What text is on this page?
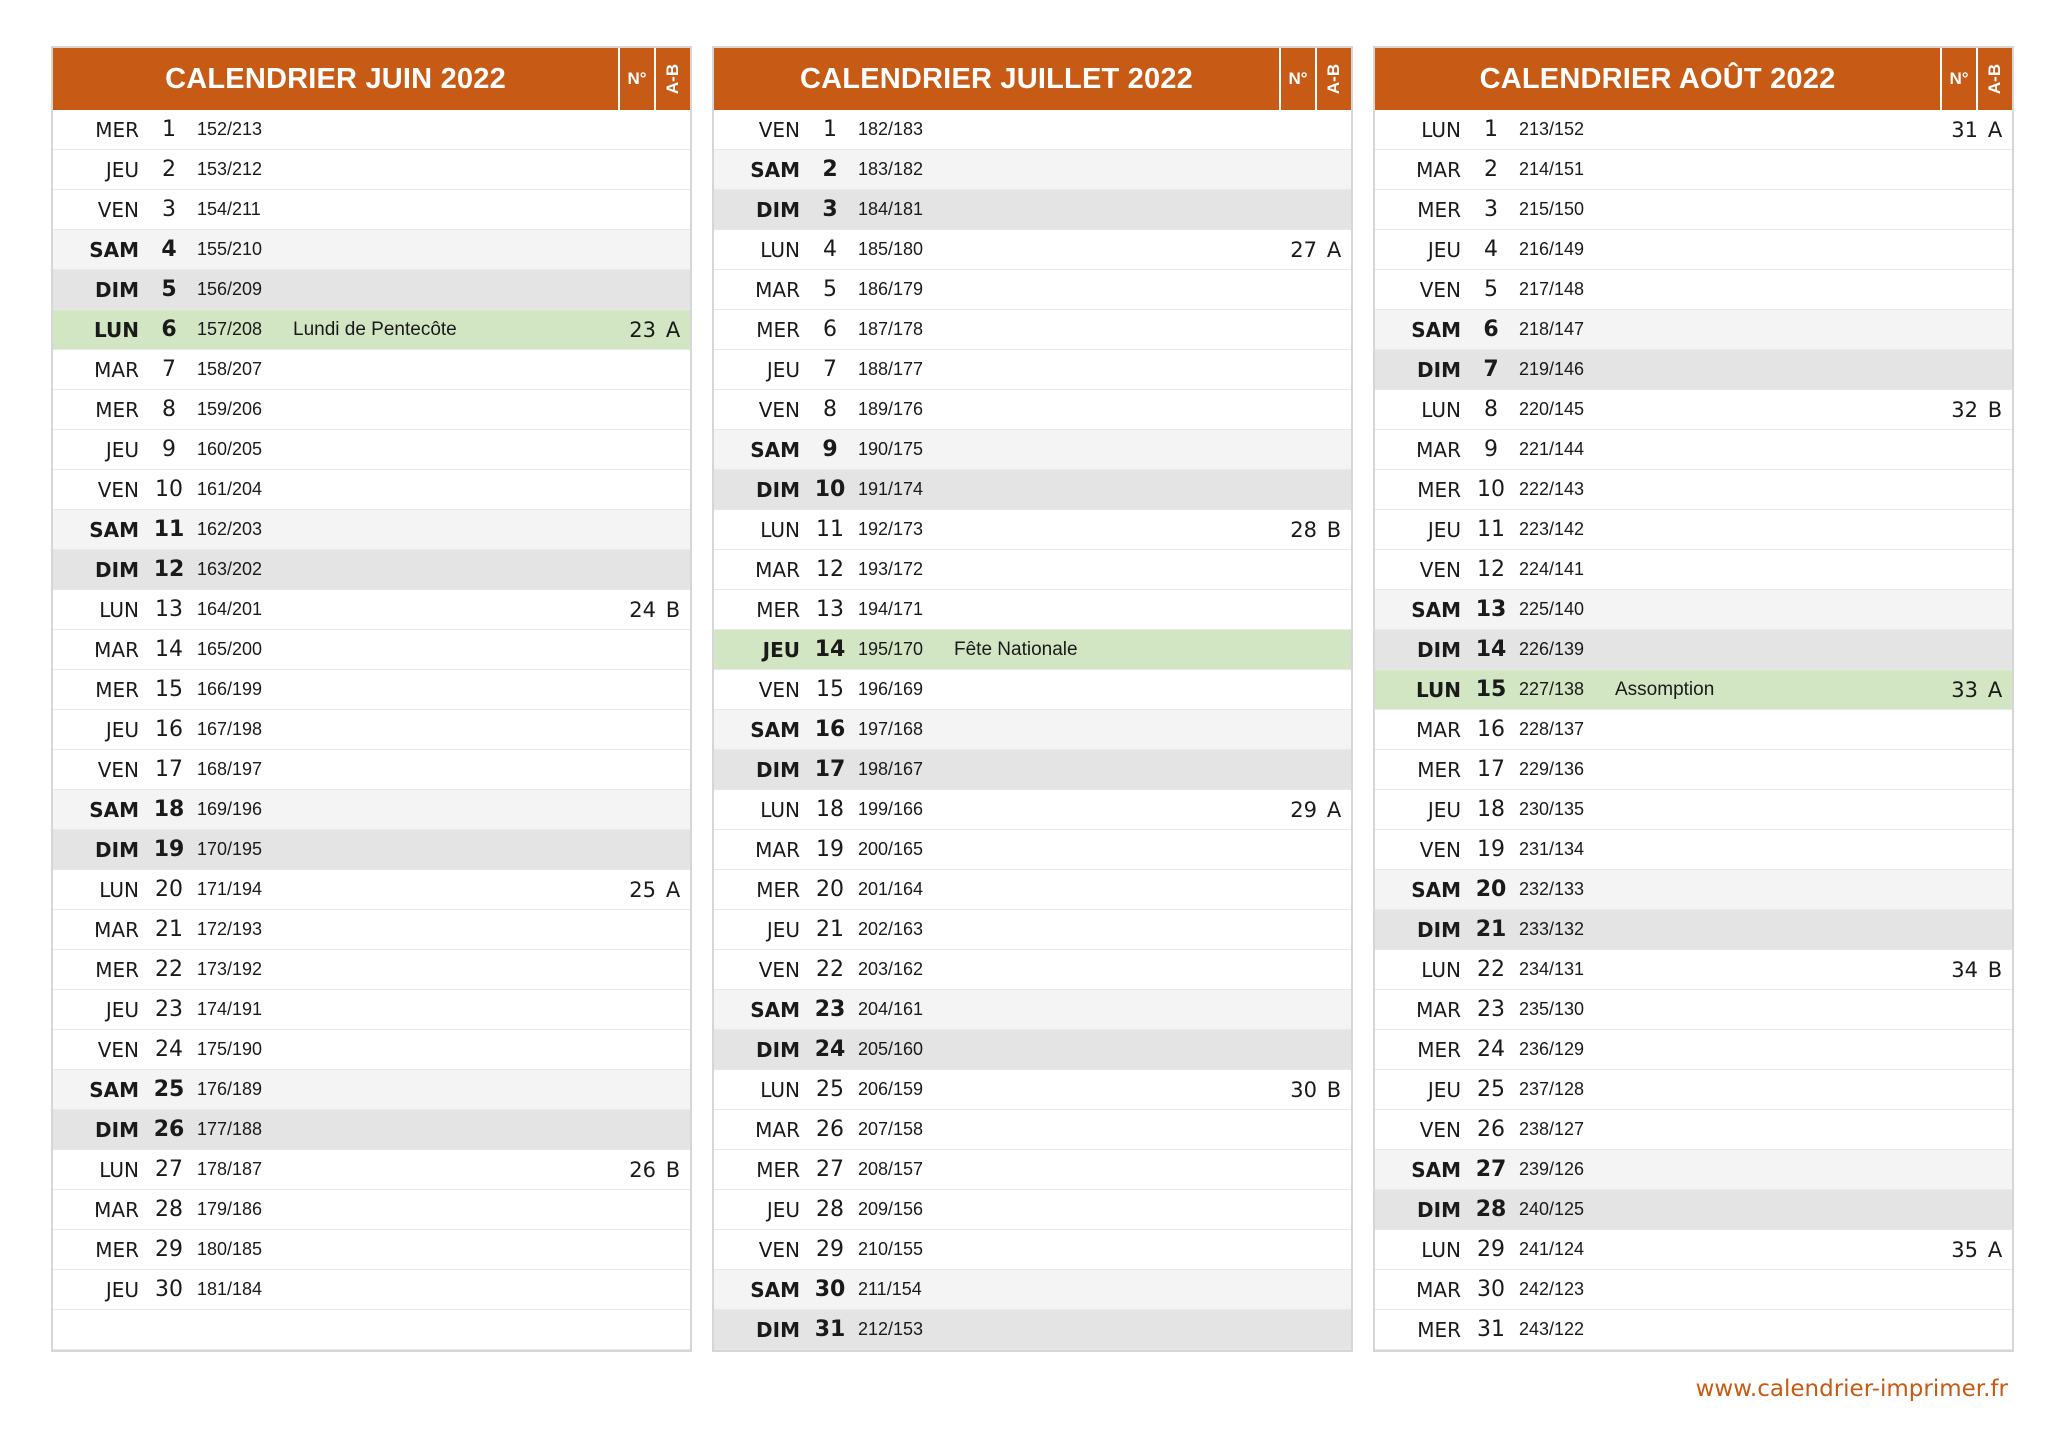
CALENDRIER JUIN 2022	N° A-B
MER	1	152/213
JEU	2	153/212
VEN	3	154/211
SAM	4	155/210
DIM	5	156/209
LUN	6	157/208	Lundi de Pentecôte	23 A
MAR	7	158/207
MER	8	159/206
JEU	9	160/205
VEN 10 161/204
SAM 11 162/203
DIM 12 163/202
LUN 13 164/201	24 B
MAR 14 165/200
MER 15 166/199
JEU 16 167/198
VEN 17 168/197
SAM 18 169/196
DIM 19 170/195
LUN 20 171/194	25 A
MAR 21 172/193
MER 22 173/192
JEU 23 174/191
VEN 24 175/190
SAM 25 176/189
DIM 26 177/188
LUN 27 178/187	26 B
MAR 28 179/186
MER 29 180/185
JEU 30 181/184
CALENDRIER JUILLET 2022	N° A-B
VEN	1	182/183
SAM	2	183/182
DIM	3	184/181
LUN	4	185/180	27 A
MAR	5	186/179
MER	6	187/178
JEU	7	188/177
VEN	8	189/176
SAM	9	190/175
DIM 10 191/174
LUN 11 192/173	28 B
MAR 12 193/172
MER 13 194/171
JEU 14 195/170	Fête Nationale
VEN 15 196/169
SAM 16 197/168
DIM 17 198/167
LUN 18 199/166	29 A
MAR 19 200/165
MER 20 201/164
JEU 21 202/163
VEN 22 203/162
SAM 23 204/161
DIM 24 205/160
LUN 25 206/159	30 B
MAR 26 207/158
MER 27 208/157
JEU 28 209/156
VEN 29 210/155
SAM 30 211/154
DIM 31 212/153
CALENDRIER AOÛT 2022	N° A-B
LUN	1	213/152	31 A
MAR	2	214/151
MER	3	215/150
JEU	4	216/149
VEN	5	217/148
SAM	6	218/147
DIM	7	219/146
LUN	8	220/145	32 B
MAR	9	221/144
MER 10 222/143
JEU 11 223/142
VEN 12 224/141
SAM 13 225/140
DIM 14 226/139
LUN 15 227/138	Assomption	33 A
MAR 16 228/137
MER 17 229/136
JEU 18 230/135
VEN 19 231/134
SAM 20 232/133
DIM 21 233/132
LUN 22 234/131	34 B
MAR 23 235/130
MER 24 236/129
JEU 25 237/128
VEN 26 238/127
SAM 27 239/126
DIM 28 240/125
LUN 29 241/124	35 A
MAR 30 242/123
MER 31 243/122
www.calendrier-imprimer.fr
